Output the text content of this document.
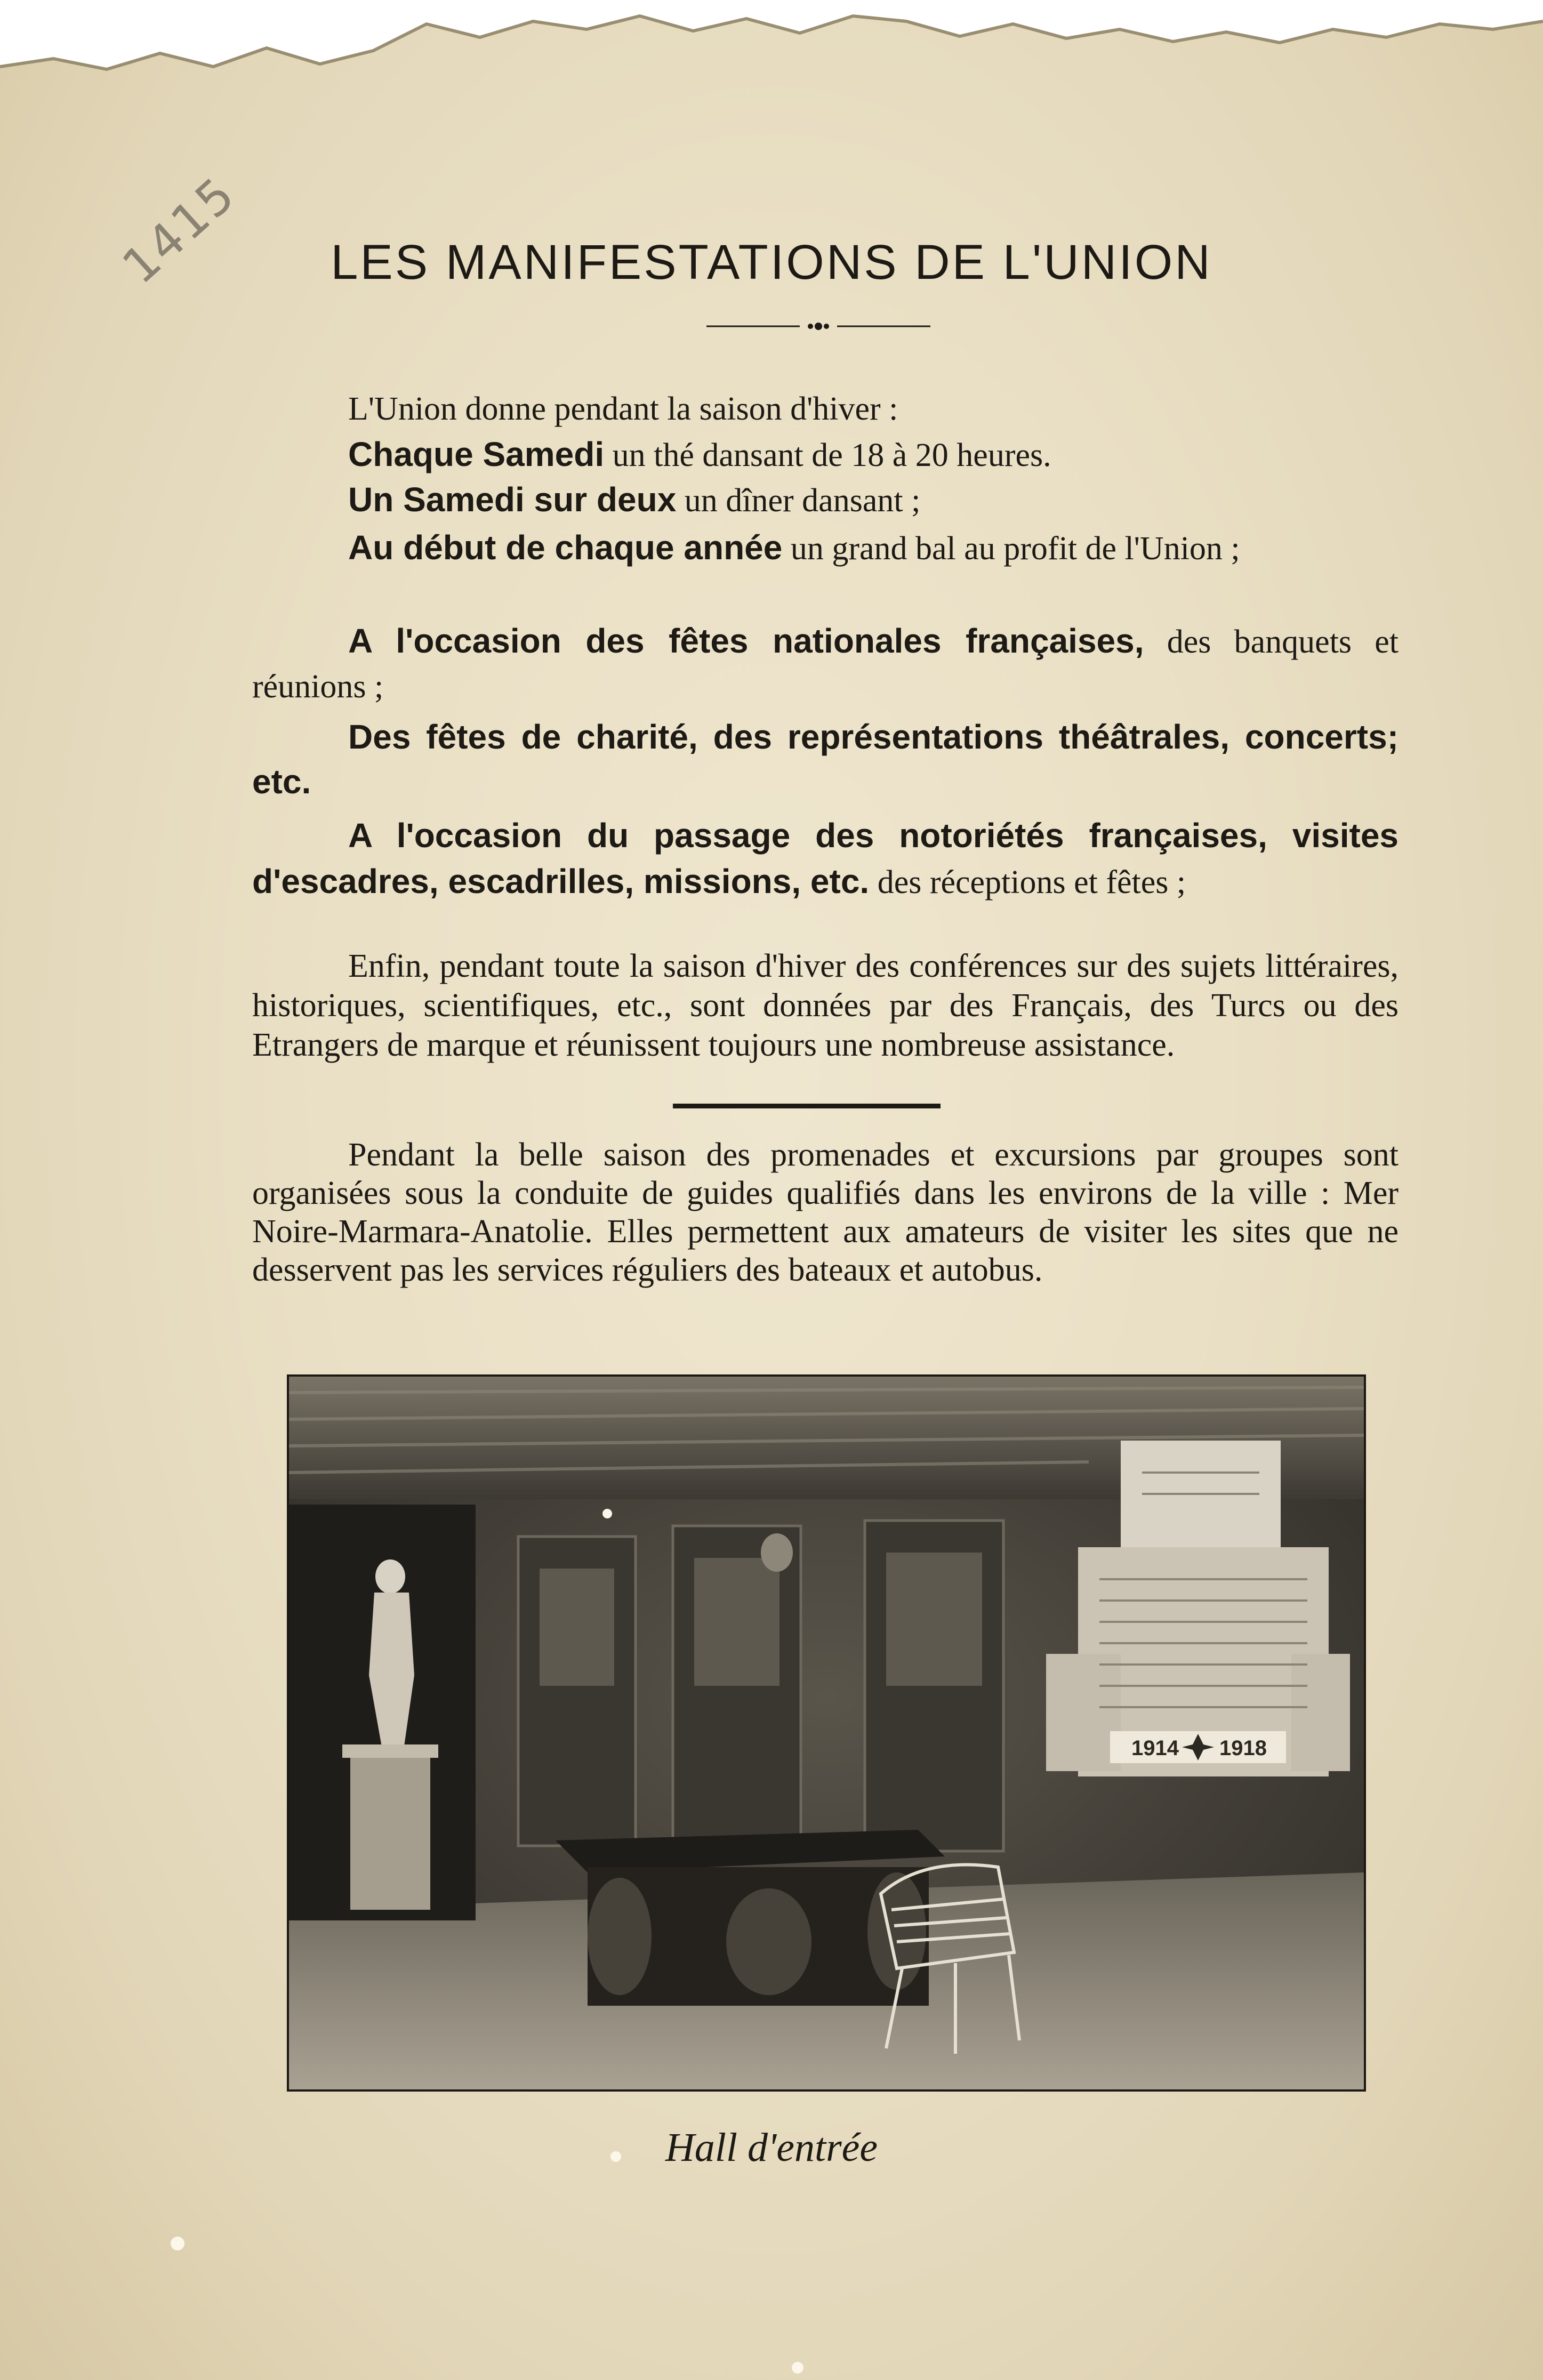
1415	LES MANIFESTATIONS DE L'UNION
L'Union donne pendant la saison d'hiver :
Chaque Samedi un thé dansant de 18 à 20 heures.
Un Samedi sur deux un dîner dansant ;
Au début de chaque année un grand bal au profit de l'Union ;
A l'occasion des fêtes nationales françaises, des banquets et réunions ;
Des fêtes de charité, des représentations théâtrales, concerts; etc.
A l'occasion du passage des notoriétés françaises, visites d'escadres, escadrilles, missions, etc. des réceptions et fêtes ;
Enfin, pendant toute la saison d'hiver des conférences sur des sujets littéraires, historiques, scientifiques, etc., sont données par des Français, des Turcs ou des Etrangers de marque et réunissent toujours une nombreuse assistance.
Pendant la belle saison des promenades et excursions par groupes sont organisées sous la conduite de guides qualifiés dans les environs de la ville : Mer Noire-Marmara-Anatolie. Elles permettent aux amateurs de visiter les sites que ne desservent pas les services réguliers des bateaux et autobus.
1914 1918
Hall d'entrée
